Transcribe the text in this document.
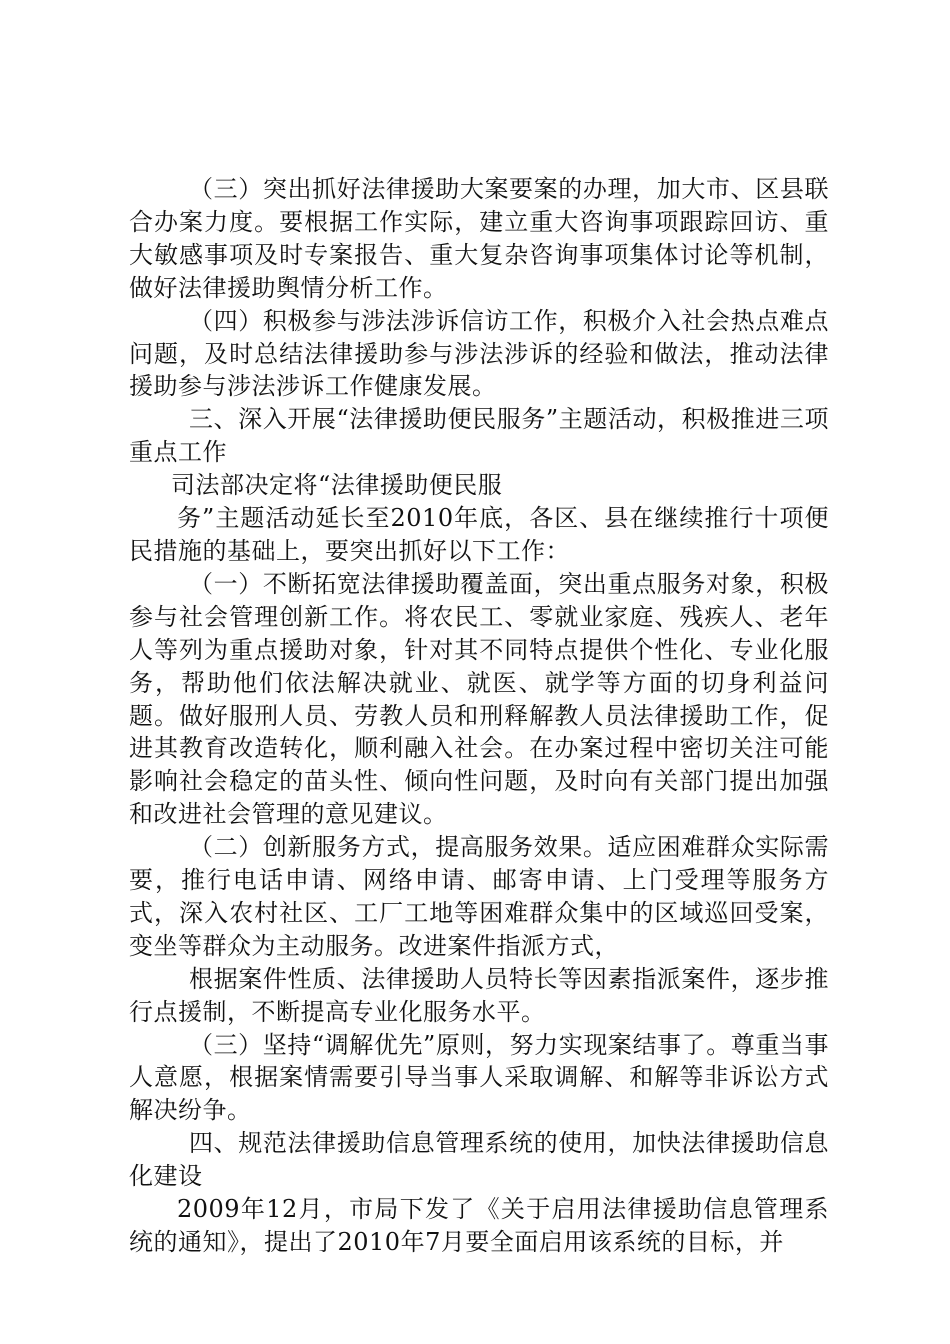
（三）突出抓好法律援助大案要案的办理，加大市、区县联合办案力度。要根据工作实际，建立重大咨询事项跟踪回访、重大敏感事项及时专案报告、重大复杂咨询事项集体讨论等机制，做好法律援助舆情分析工作。

（四）积极参与涉法涉诉信访工作，积极介入社会热点难点问题，及时总结法律援助参与涉法涉诉的经验和做法，推动法律援助参与涉法涉诉工作健康发展。

三、深入开展“法律援助便民服务”主题活动，积极推进三项重点工作

司法部决定将“法律援助便民服

务”主题活动延长至2010年底，各区、县在继续推行十项便民措施的基础上，要突出抓好以下工作：

（一）不断拓宽法律援助覆盖面，突出重点服务对象，积极参与社会管理创新工作。将农民工、零就业家庭、残疾人、老年人等列为重点援助对象，针对其不同特点提供个性化、专业化服务，帮助他们依法解决就业、就医、就学等方面的切身利益问题。做好服刑人员、劳教人员和刑释解教人员法律援助工作，促进其教育改造转化，顺利融入社会。在办案过程中密切关注可能影响社会稳定的苗头性、倾向性问题，及时向有关部门提出加强和改进社会管理的意见建议。

（二）创新服务方式，提高服务效果。适应困难群众实际需要，推行电话申请、网络申请、邮寄申请、上门受理等服务方式，深入农村社区、工厂工地等困难群众集中的区域巡回受案，变坐等群众为主动服务。改进案件指派方式，

根据案件性质、法律援助人员特长等因素指派案件，逐步推行点援制，不断提高专业化服务水平。

（三）坚持“调解优先”原则，努力实现案结事了。尊重当事人意愿，根据案情需要引导当事人采取调解、和解等非诉讼方式解决纷争。

四、规范法律援助信息管理系统的使用，加快法律援助信息化建设

2009年12月，市局下发了《关于启用法律援助信息管理系统的通知》，提出了2010年7月要全面启用该系统的目标，并
